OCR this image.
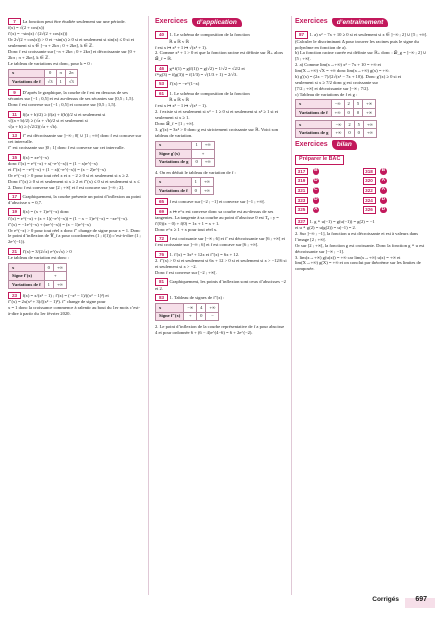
7 La fonction peut être étudiée seulement sur une période.
f(x) = √(2 + cos(x))
f′(x) = −sin(x) / (2√(2 + cos(x)))
Or 2√(2 + cos(x)) > 0 et −sin(x) ≥ 0 si et seulement si sin(x) ≤ 0 si et seulement si x ∈ [−π + 2kπ ; 0 + 2kπ], k ∈ ℤ.
Donc f est croissante sur [−π + 2kπ ; 0 + 2kπ] et décroissante sur [0 + 2kπ ; π + 2kπ], k ∈ ℤ.
Le tableau de variations est donc, pour k = 0 :
x	0	π	2π
Variations de f	√3	1	√3
9 D’après le graphique, la courbe de f est en dessous de ses sécantes sur [−1 ; 0,5] et est au-dessus de ses sécantes sur [0,5 ; 1,5].
Donc f est convexe sur [−1 ; 0,5] et concave sur [0,5 ; 1,5].
11 f((a + b)/2) ≥ (f(a) + f(b))/2 si et seulement si
√((a + b)/2) ≥ (√a + √b)/2 si et seulement si
√(a + b) ≥ (√2/2)(√a + √b).
13 f″ est décroissante sur ]−∞ ; 0[ ∪ ]1 ; +∞[ donc f est concave sur cet intervalle.
f″ est croissante sur ]0 ; 1[ donc f est convexe sur cet intervalle.
15 f(x) = xe^(−x)
donc f′(x) = e^(−x) + x(−e^(−x)) = (1 − x)e^(−x)
et f″(x) = −e^(−x) + (1 − x)(−e^(−x)) = (x − 2)e^(−x)
Or e^(−x) > 0 pour tout réel x et x − 2 ≥ 0 si et seulement si x ≥ 2.
Donc f″(x) ≥ 0 si et seulement si x ≥ 2 et f″(x) ≤ 0 si et seulement si x ≤ 2. Donc f est convexe sur [2 ; +∞[ et f est concave sur ]−∞ ; 2].
17 Graphiquement, la courbe présente un point d’inflexion au point d’abscisse x = 0,7.
19 f(x) = (x + 1)e^(−x) donc
f′(x) = e^(−x) + (x + 1)(−e^(−x)) = (1 − x − 1)e^(−x) = −xe^(−x).
f″(x) = −1e^(−x) + (xe^(−x)) = (x − 1)e^(−x)
Or e^(−x) > 0 pour tout réel x donc f″ change de signe pour x = 1. Donc le point d’inflexion de 𝒞_f a pour coordonnées (1 ; f(1)) c’est-à-dire (1 ; 2e^(−1)).
21 f′(x) = 3/(2√x) e^(x√x) > 0
Le tableau de variation est donc :
x	0	+∞
Signe f′(x)	+	
Variations de f	1	+∞
23 f(x) = x/(x² − 1) ; f′(x) = (−x² − 1)/((x² − 1)²) et
f″(x) = 2x(x² + 3)/((x² − 1)³). f″ change de signe pour
x = 1 donc la croissance commence à ralentir au bout du 1er mois c’est-à-dire à partir du 1er février 2020.
Exercices	d’application
40 1. Le schéma de composition de la fonction
ℝ u ℝ v ℝ
f est x ↦ x² + 1 ↦ √(x² + 1).
2. Comme x² + 1 > 0 et que la fonction racine est définie sur ℝ₊ alors 𝒟_f = ℝ.
46 g∘f(1) = g(f(1)) = g(√2) = 1/√2 = √2/2 et
f∘g(3) = f(g(3)) = f(1/3) = √(1/3 + 1) = 2/√3.
53 f′(x) = −e^(1−x)
61 1. Le schéma de composition de la fonction
ℝ u ℝ v ℝ
f est x ↦ x³ − 1 ↦ √(x³ − 1).
2. f existe si et seulement si x³ − 1 ≥ 0 si et seulement si x³ ≥ 1 si et seulement si x ≥ 1.
Donc 𝒟_f = [1 ; +∞[.
3. g′(x) = 3x² > 0 donc g est strictement croissante sur ℝ. Voici son tableau de variation.
x	1	+∞
Signe g′(x)	+	
Variations de g	0	+∞
4. On en déduit le tableau de variation de f :
x	1	+∞
Variations de f	0	+∞
65 f est concave sur [−2 ; −1] et convexe sur [−1 ; +∞[.
69 x ↦ e^x est convexe donc sa courbe est au-dessus de ses tangentes. La tangente à sa courbe au point d’abscisse 0 est T₀ : y = f′(0)(x − 0) + f(0) = 1x + 1 = x + 1.
Donc e^x ≥ 1 + x pour tout réel x.
72 f est croissante sur ]−∞ ; 6] et f′ est décroissante sur [6 ; +∞[ et f est croissante sur ]−∞ ; 6] et f est concave sur [6 ; +∞[.
76 1. f′(x) = 3x² + 12x et f″(x) = 6x + 12.
2. f″(x) > 0 si et seulement si 6x + 12 > 0 si et seulement si x > −12/6 si et seulement si x > −2.
Donc f est convexe sur [−2 ; +∞[.
81 Graphiquement, les points d’inflexion sont ceux d’abscisses −2 et 2.
83 1. Tableau de signes de f″(x) :
x	−∞	4	+∞
Signe f″(x)	+	0	−
2. Le point d’inflexion de la courbe représentative de f a pour abscisse 4 et pour ordonnée 6 + (6 − 4)e^(4−6) = 6 + 2e^(−2).
Exercices	d’entraînement
87 1. a) x² − 7x + 10 ≥ 0 si et seulement si x ∈ ]−∞ ; 2] ∪ [5 ; +∞[. (Calculer le discriminant Δ pour trouver les racines puis le signe du polynôme en fonction de a).
b) La fonction racine carrée est définie sur ℝ₊ donc : 𝒟_g = ]−∞ ; 2] ∪ [5 ; +∞[.
2. a) Comme lim(x→+∞) x² − 7x + 10 = +∞ et
lim(X→+∞) √X = +∞ donc lim(x→+∞) g(x) = +∞.
b) g′(x) = (2x − 7)/(2√(x² − 7x + 10)). Donc g′(x) ≥ 0 si et
seulement si x ≥ 7/2 donc g est croissante sur
[7/2 ; +∞[ et décroissante sur ]−∞ ; 7/2].
c) Tableau de variations de f et g :
x	−∞	2	5	+∞
Variations de f	+∞	0	0	+∞
x	−∞	2	5	+∞
Variations de g	+∞	0	0	+∞
Exercices	bilan
Préparer le BAC
317	B	318	B
319	D	320	A
321	C	322	A
323	D	324	D
325	A	326	D
327 1. g ∘ u(−1) = g(u(−1)) = g(2) = −1
et u ∘ g(2) = u(g(2)) = u(−1) = 2.
2. Sur ]−∞ ; −1], la fonction u est décroissante et est à valeurs dans l’image [2 ; +∞[.
Or sur [2 ; +∞[, la fonction g est croissante. Donc la fonction g ∘ u est décroissante sur ]−∞ ; −1].
3. lim(x→+∞) g(u(x)) = +∞ car lim(x→+∞) u(x) = +∞ et
lim(X→+∞) g(X) = +∞ et on conclut par théorème sur les limites de composée.
Corrigés 697
